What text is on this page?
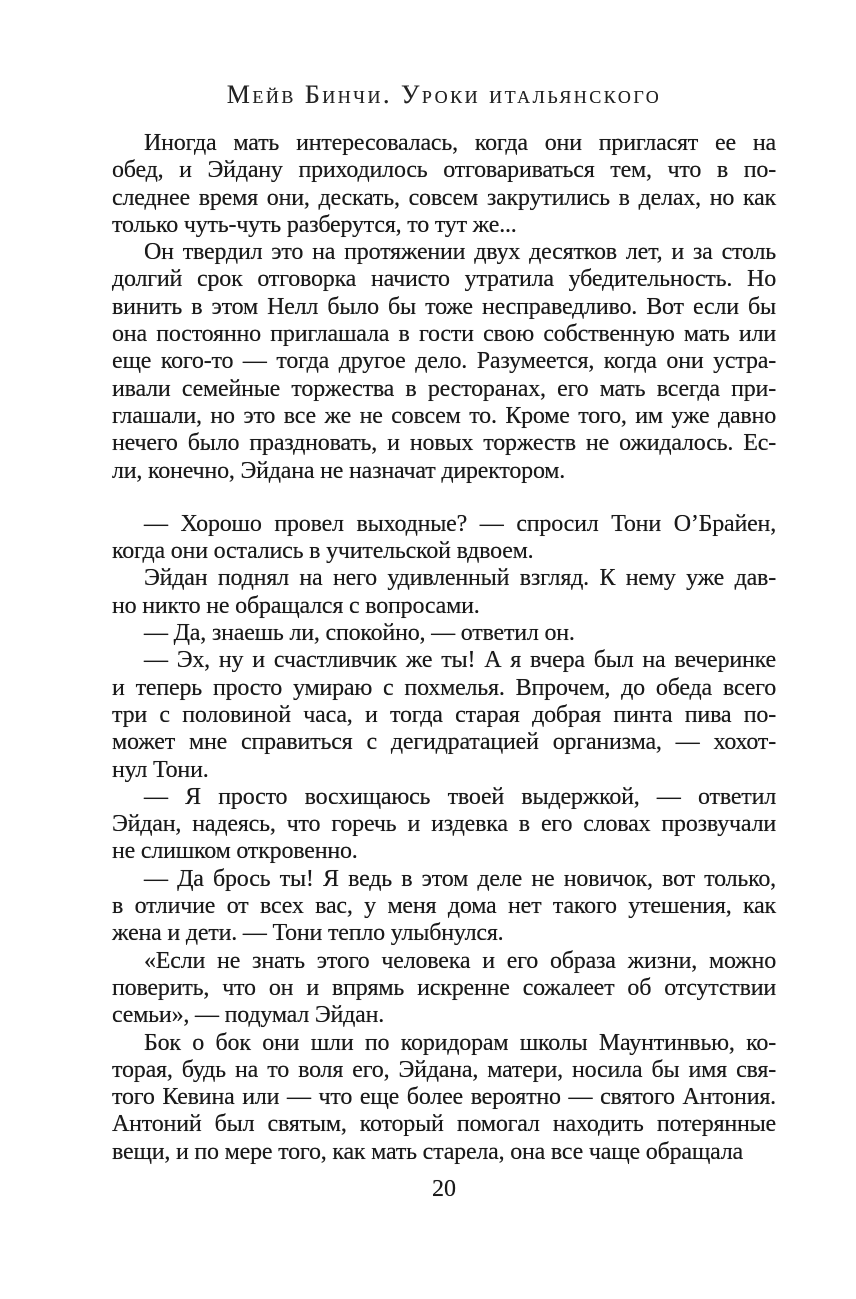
Мейв Бинчи. Уроки итальянского
Иногда мать интересовалась, когда они пригласят ее на
обед, и Эйдану приходилось отговариваться тем, что в по-
следнее время они, дескать, совсем закрутились в делах, но как
только чуть-чуть разберутся, то тут же...
Он твердил это на протяжении двух десятков лет, и за столь
долгий срок отговорка начисто утратила убедительность. Но
винить в этом Нелл было бы тоже несправедливо. Вот если бы
она постоянно приглашала в гости свою собственную мать или
еще кого-то — тогда другое дело. Разумеется, когда они устра-
ивали семейные торжества в ресторанах, его мать всегда при-
глашали, но это все же не совсем то. Кроме того, им уже давно
нечего было праздновать, и новых торжеств не ожидалось. Ес-
ли, конечно, Эйдана не назначат директором.
— Хорошо провел выходные? — спросил Тони О’Брайен,
когда они остались в учительской вдвоем.
Эйдан поднял на него удивленный взгляд. К нему уже дав-
но никто не обращался с вопросами.
— Да, знаешь ли, спокойно, — ответил он.
— Эх, ну и счастливчик же ты! А я вчера был на вечеринке
и теперь просто умираю с похмелья. Впрочем, до обеда всего
три с половиной часа, и тогда старая добрая пинта пива по-
может мне справиться с дегидратацией организма, — хохот-
нул Тони.
— Я просто восхищаюсь твоей выдержкой, — ответил
Эйдан, надеясь, что горечь и издевка в его словах прозвучали
не слишком откровенно.
— Да брось ты! Я ведь в этом деле не новичок, вот только,
в отличие от всех вас, у меня дома нет такого утешения, как
жена и дети. — Тони тепло улыбнулся.
«Если не знать этого человека и его образа жизни, можно
поверить, что он и впрямь искренне сожалеет об отсутствии
семьи», — подумал Эйдан.
Бок о бок они шли по коридорам школы Маунтинвью, ко-
торая, будь на то воля его, Эйдана, матери, носила бы имя свя-
того Кевина или — что еще более вероятно — святого Антония.
Антоний был святым, который помогал находить потерянные
вещи, и по мере того, как мать старела, она все чаще обращала
20
